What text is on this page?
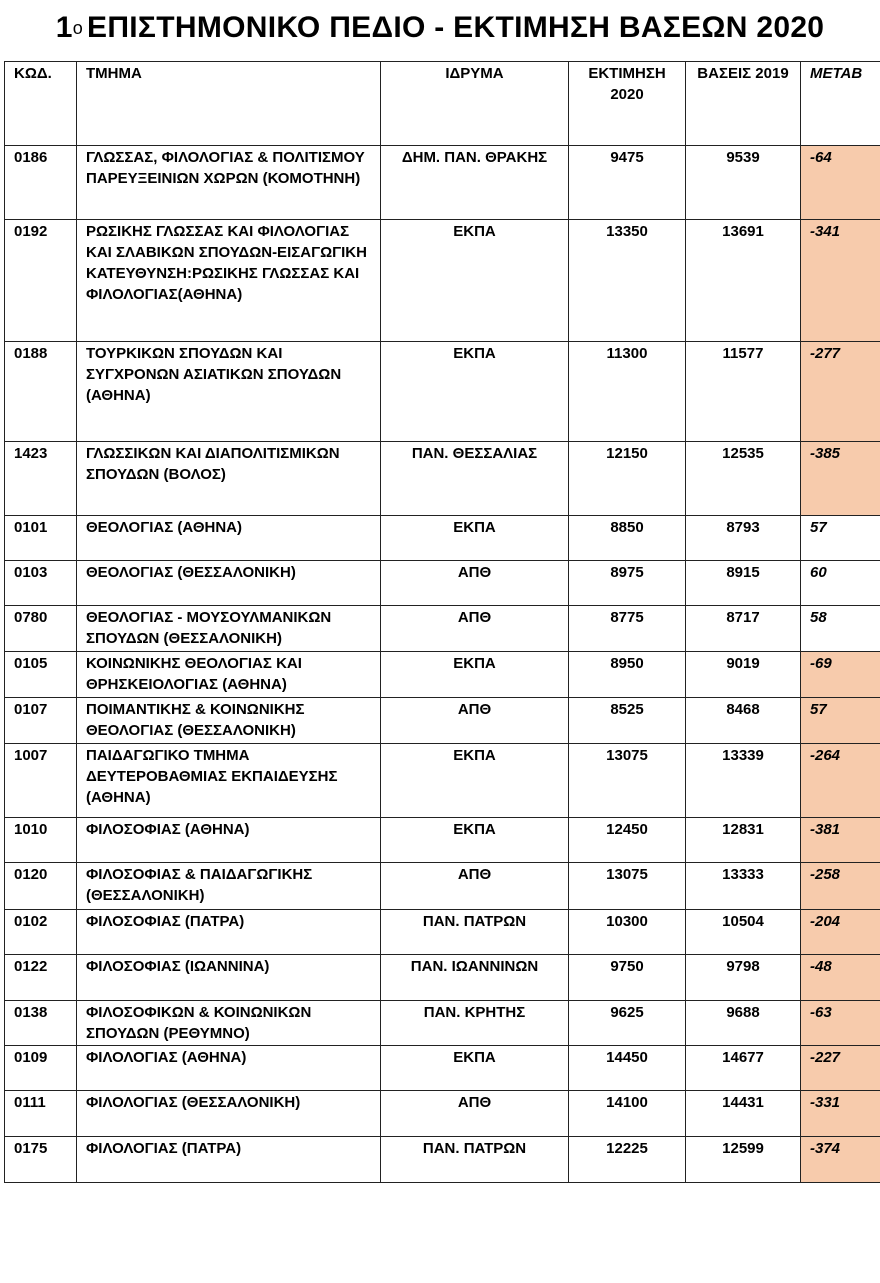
1 ο ΕΠΙΣΤΗΜΟΝΙΚΟ ΠΕΔΙΟ - ΕΚΤΙΜΗΣΗ ΒΑΣΕΩΝ 2020
ΚΩΔ.	ΤΜΗΜΑ	ΙΔΡΥΜΑ	ΕΚΤΙΜΗΣΗ 2020	ΒΑΣΕΙΣ 2019	ΜΕΤΑΒ
0186	ΓΛΩΣΣΑΣ, ΦΙΛΟΛΟΓΙΑΣ & ΠΟΛΙΤΙΣΜΟΥ ΠΑΡΕΥΞΕΙΝΙΩΝ ΧΩΡΩΝ (ΚΟΜΟΤΗΝΗ)	ΔΗΜ. ΠΑΝ. ΘΡΑΚΗΣ	9475	9539	-64
0192	ΡΩΣΙΚΗΣ ΓΛΩΣΣΑΣ ΚΑΙ ΦΙΛΟΛΟΓΙΑΣ ΚΑΙ ΣΛΑΒΙΚΩΝ ΣΠΟΥΔΩΝ-ΕΙΣΑΓΩΓΙΚΗ ΚΑΤΕΥΘΥΝΣΗ:ΡΩΣΙΚΗΣ ΓΛΩΣΣΑΣ ΚΑΙ ΦΙΛΟΛΟΓΙΑΣ(ΑΘΗΝΑ)	ΕΚΠΑ	13350	13691	-341
0188	ΤΟΥΡΚΙΚΩΝ ΣΠΟΥΔΩΝ ΚΑΙ ΣΥΓΧΡΟΝΩΝ ΑΣΙΑΤΙΚΩΝ ΣΠΟΥΔΩΝ (ΑΘΗΝΑ)	ΕΚΠΑ	11300	11577	-277
1423	ΓΛΩΣΣΙΚΩΝ ΚΑΙ ΔΙΑΠΟΛΙΤΙΣΜΙΚΩΝ ΣΠΟΥΔΩΝ (ΒΟΛΟΣ)	ΠΑΝ. ΘΕΣΣΑΛΙΑΣ	12150	12535	-385
0101	ΘΕΟΛΟΓΙΑΣ (ΑΘΗΝΑ)	ΕΚΠΑ	8850	8793	57
0103	ΘΕΟΛΟΓΙΑΣ (ΘΕΣΣΑΛΟΝΙΚΗ)	ΑΠΘ	8975	8915	60
0780	ΘΕΟΛΟΓΙΑΣ - ΜΟΥΣΟΥΛΜΑΝΙΚΩΝ ΣΠΟΥΔΩΝ (ΘΕΣΣΑΛΟΝΙΚΗ)	ΑΠΘ	8775	8717	58
0105	ΚΟΙΝΩΝΙΚΗΣ ΘΕΟΛΟΓΙΑΣ ΚΑΙ ΘΡΗΣΚΕΙΟΛΟΓΙΑΣ (ΑΘΗΝΑ)	ΕΚΠΑ	8950	9019	-69
0107	ΠΟΙΜΑΝΤΙΚΗΣ & ΚΟΙΝΩΝΙΚΗΣ ΘΕΟΛΟΓΙΑΣ (ΘΕΣΣΑΛΟΝΙΚΗ)	ΑΠΘ	8525	8468	57
1007	ΠΑΙΔΑΓΩΓΙΚΟ ΤΜΗΜΑ ΔΕΥΤΕΡΟΒΑΘΜΙΑΣ ΕΚΠΑΙΔΕΥΣΗΣ (ΑΘΗΝΑ)	ΕΚΠΑ	13075	13339	-264
1010	ΦΙΛΟΣΟΦΙΑΣ (ΑΘΗΝΑ)	ΕΚΠΑ	12450	12831	-381
0120	ΦΙΛΟΣΟΦΙΑΣ & ΠΑΙΔΑΓΩΓΙΚΗΣ (ΘΕΣΣΑΛΟΝΙΚΗ)	ΑΠΘ	13075	13333	-258
0102	ΦΙΛΟΣΟΦΙΑΣ (ΠΑΤΡΑ)	ΠΑΝ. ΠΑΤΡΩΝ	10300	10504	-204
0122	ΦΙΛΟΣΟΦΙΑΣ (ΙΩΑΝΝΙΝΑ)	ΠΑΝ. ΙΩΑΝΝΙΝΩΝ	9750	9798	-48
0138	ΦΙΛΟΣΟΦΙΚΩΝ & ΚΟΙΝΩΝΙΚΩΝ ΣΠΟΥΔΩΝ (ΡΕΘΥΜΝΟ)	ΠΑΝ. ΚΡΗΤΗΣ	9625	9688	-63
0109	ΦΙΛΟΛΟΓΙΑΣ (ΑΘΗΝΑ)	ΕΚΠΑ	14450	14677	-227
0111	ΦΙΛΟΛΟΓΙΑΣ (ΘΕΣΣΑΛΟΝΙΚΗ)	ΑΠΘ	14100	14431	-331
0175	ΦΙΛΟΛΟΓΙΑΣ (ΠΑΤΡΑ)	ΠΑΝ. ΠΑΤΡΩΝ	12225	12599	-374
